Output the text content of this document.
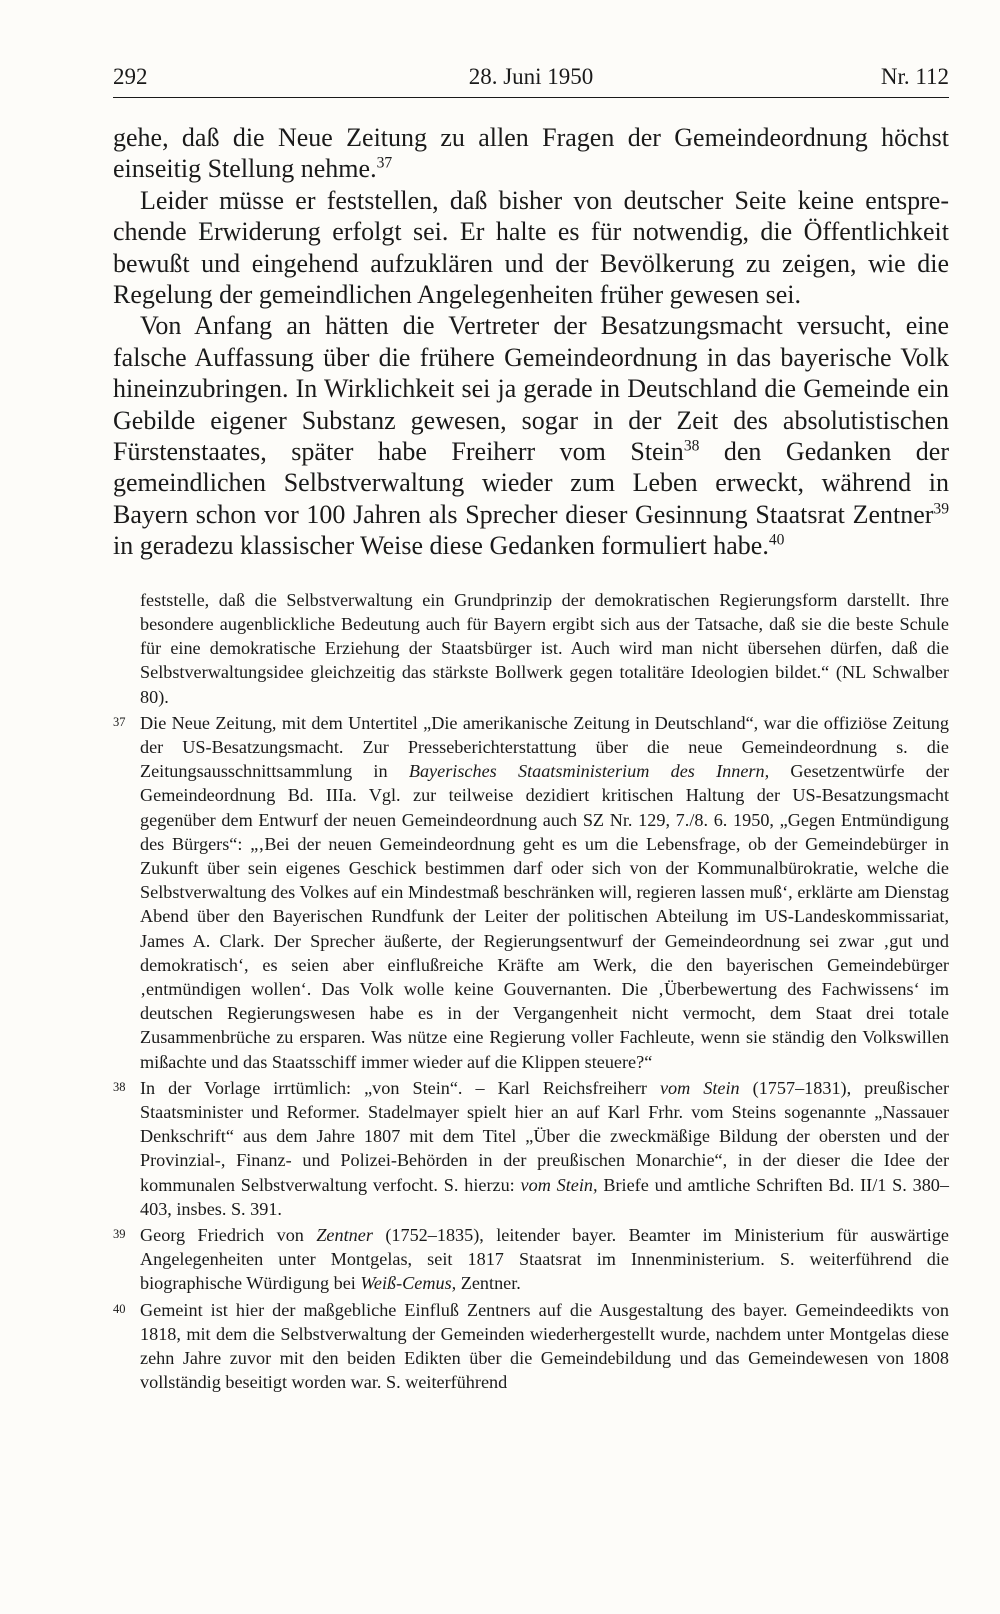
292	28. Juni 1950	Nr. 112

gehe, daß die Neue Zeitung zu allen Fragen der Gemeindeordnung höchst einseitig Stellung nehme.$^{37}$

Leider müsse er feststellen, daß bisher von deutscher Seite keine entsprechende Erwiderung erfolgt sei. Er halte es für notwendig, die Öffentlichkeit bewußt und eingehend aufzuklären und der Bevölkerung zu zeigen, wie die Regelung der gemeindlichen Angelegenheiten früher gewesen sei.

Von Anfang an hätten die Vertreter der Besatzungsmacht versucht, eine falsche Auffassung über die frühere Gemeindeordnung in das bayerische Volk hineinzubringen. In Wirklichkeit sei ja gerade in Deutschland die Gemeinde ein Gebilde eigener Substanz gewesen, sogar in der Zeit des absolutistischen Fürstenstaates, später habe Freiherr vom Stein$^{38}$ den Gedanken der gemeindlichen Selbstverwaltung wieder zum Leben erweckt, während in Bayern schon vor 100 Jahren als Sprecher dieser Gesinnung Staatsrat Zentner$^{39}$ in geradezu klassischer Weise diese Gedanken formuliert habe.$^{40}$

feststelle, daß die Selbstverwaltung ein Grundprinzip der demokratischen Regierungsform darstellt. Ihre besondere augenblickliche Bedeutung auch für Bayern ergibt sich aus der Tatsache, daß sie die beste Schule für eine demokratische Erziehung der Staatsbürger ist. Auch wird man nicht übersehen dürfen, daß die Selbstverwaltungsidee gleichzeitig das stärkste Bollwerk gegen totalitäre Ideologien bildet.“ (NL Schwalber 80).
37 Die Neue Zeitung, mit dem Untertitel „Die amerikanische Zeitung in Deutschland“, war die offiziöse Zeitung der US-Besatzungsmacht. Zur Presseberichterstattung über die neue Gemeindeordnung s. die Zeitungsausschnittsammlung in Bayerisches Staatsministerium des Innern, Gesetzentwürfe der Gemeindeordnung Bd. IIIa. Vgl. zur teilweise dezidiert kritischen Haltung der US-Besatzungsmacht gegenüber dem Entwurf der neuen Gemeindeordnung auch SZ Nr. 129, 7./8. 6. 1950, „Gegen Entmündigung des Bürgers“: „‚Bei der neuen Gemeindeordnung geht es um die Lebensfrage, ob der Gemeindebürger in Zukunft über sein eigenes Geschick bestimmen darf oder sich von der Kommunalbürokratie, welche die Selbstverwaltung des Volkes auf ein Mindestmaß beschränken will, regieren lassen muß‘, erklärte am Dienstag Abend über den Bayerischen Rundfunk der Leiter der politischen Abteilung im US-Landeskommissariat, James A. Clark. Der Sprecher äußerte, der Regierungsentwurf der Gemeindeordnung sei zwar ‚gut und demokratisch‘, es seien aber einflußreiche Kräfte am Werk, die den bayerischen Gemeindebürger ‚entmündigen wollen‘. Das Volk wolle keine Gouvernanten. Die ‚Überbewertung des Fachwissens‘ im deutschen Regierungswesen habe es in der Vergangenheit nicht vermocht, dem Staat drei totale Zusammenbrüche zu ersparen. Was nütze eine Regierung voller Fachleute, wenn sie ständig den Volkswillen mißachte und das Staatsschiff immer wieder auf die Klippen steuere?“
38 In der Vorlage irrtümlich: „von Stein“. – Karl Reichsfreiherr vom Stein (1757–1831), preußischer Staatsminister und Reformer. Stadelmayer spielt hier an auf Karl Frhr. vom Steins sogenannte „Nassauer Denkschrift“ aus dem Jahre 1807 mit dem Titel „Über die zweckmäßige Bildung der obersten und der Provinzial-, Finanz- und Polizei-Behörden in der preußischen Monarchie“, in der dieser die Idee der kommunalen Selbstverwaltung verfocht. S. hierzu: vom Stein, Briefe und amtliche Schriften Bd. II/1 S. 380–403, insbes. S. 391.
39 Georg Friedrich von Zentner (1752–1835), leitender bayer. Beamter im Ministerium für auswärtige Angelegenheiten unter Montgelas, seit 1817 Staatsrat im Innenministerium. S. weiterführend die biographische Würdigung bei Weiß-Cemus, Zentner.
40 Gemeint ist hier der maßgebliche Einfluß Zentners auf die Ausgestaltung des bayer. Gemeindeedikts von 1818, mit dem die Selbstverwaltung der Gemeinden wiederhergestellt wurde, nachdem unter Montgelas diese zehn Jahre zuvor mit den beiden Edikten über die Gemeindebildung und das Gemeindewesen von 1808 vollständig beseitigt worden war. S. weiterführend
